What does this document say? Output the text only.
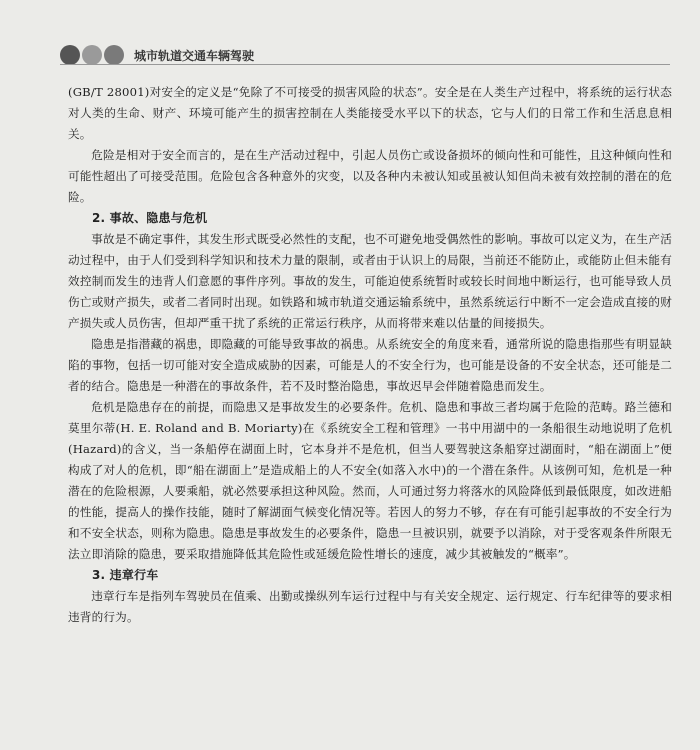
城市轨道交通车辆驾驶

(GB/T 28001)对安全的定义是“免除了不可接受的损害风险的状态”。安全是在人类生产过程中，将系统的运行状态对人类的生命、财产、环境可能产生的损害控制在人类能接受水平以下的状态，它与人们的日常工作和生活息息相关。

危险是相对于安全而言的，是在生产活动过程中，引起人员伤亡或设备损坏的倾向性和可能性，且这种倾向性和可能性超出了可接受范围。危险包含各种意外的灾变，以及各种内未被认知或虽被认知但尚未被有效控制的潜在的危险。

2. 事故、隐患与危机

事故是不确定事件，其发生形式既受必然性的支配，也不可避免地受偶然性的影响。事故可以定义为，在生产活动过程中，由于人们受到科学知识和技术力量的限制，或者由于认识上的局限，当前还不能防止，或能防止但未能有效控制而发生的违背人们意愿的事件序列。事故的发生，可能迫使系统暂时或较长时间地中断运行，也可能导致人员伤亡或财产损失，或者二者同时出现。如铁路和城市轨道交通运输系统中，虽然系统运行中断不一定会造成直接的财产损失或人员伤害，但却严重干扰了系统的正常运行秩序，从而将带来难以估量的间接损失。

隐患是指潜藏的祸患，即隐藏的可能导致事故的祸患。从系统安全的角度来看，通常所说的隐患指那些有明显缺陷的事物，包括一切可能对安全造成威胁的因素，可能是人的不安全行为，也可能是设备的不安全状态，还可能是二者的结合。隐患是一种潜在的事故条件，若不及时整治隐患，事故迟早会伴随着隐患而发生。

危机是隐患存在的前提，而隐患又是事故发生的必要条件。危机、隐患和事故三者均属于危险的范畴。路兰德和莫里尔蒂(H. E. Roland and B. Moriarty)在《系统安全工程和管理》一书中用湖中的一条船很生动地说明了危机(Hazard)的含义，当一条船停在湖面上时，它本身并不是危机，但当人要驾驶这条船穿过湖面时，“船在湖面上”便构成了对人的危机，即“船在湖面上”是造成船上的人不安全(如落入水中)的一个潜在条件。从该例可知，危机是一种潜在的危险根源，人要乘船，就必然要承担这种风险。然而，人可通过努力将落水的风险降低到最低限度，如改进船的性能，提高人的操作技能，随时了解湖面气候变化情况等。若因人的努力不够，存在有可能引起事故的不安全行为和不安全状态，则称为隐患。隐患是事故发生的必要条件，隐患一旦被识别，就要予以消除，对于受客观条件所限无法立即消除的隐患，要采取措施降低其危险性或延缓危险性增长的速度，减少其被触发的“概率”。

3. 违章行车

违章行车是指列车驾驶员在值乘、出勤或操纵列车运行过程中与有关安全规定、运行规定、行车纪律等的要求相违背的行为。
